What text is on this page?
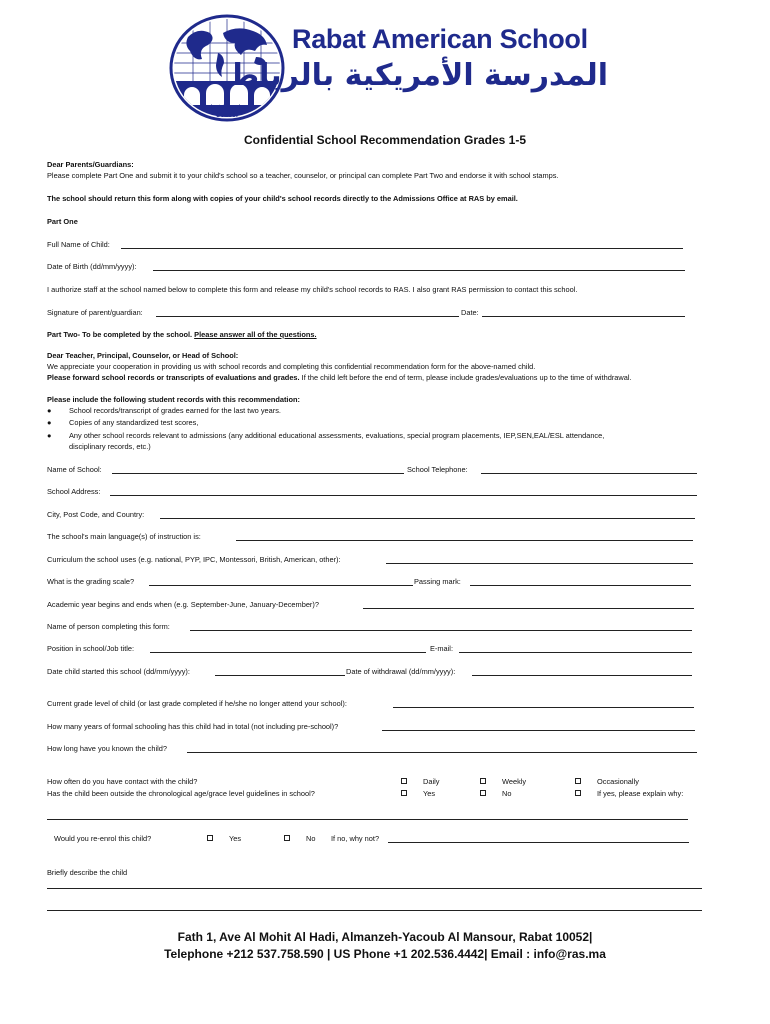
Rabat American
School
Rabat American School
المدرسة الأمريكية بالرباط
Confidential School Recommendation Grades 1-5
Dear Parents/Guardians:
Please complete Part One and submit it to your child's school so a teacher, counselor, or principal can complete Part Two and endorse it with school stamps.
The school should return this form along with copies of your child's school records directly to the Admissions Office at RAS by email.
Part One
Full Name of Child:
Date of Birth (dd/mm/yyyy):
I authorize staff at the school named below to complete this form and release my child's school records to RAS. I also grant RAS permission to contact this school.
Signature of parent/guardian:	Date:
Part Two- To be completed by the school. Please answer all of the questions.
Dear Teacher, Principal, Counselor, or Head of School:
We appreciate your cooperation in providing us with school records and completing this confidential recommendation form for the above-named child.
Please forward school records or transcripts of evaluations and grades. If the child left before the end of term, please include grades/evaluations up to the time of withdrawal.
Please include the following student records with this recommendation:
● School records/transcript of grades earned for the last two years.
● Copies of any standardized test scores,
● Any other school records relevant to admissions (any additional educational assessments, evaluations, special program placements, IEP,SEN,EAL/ESL attendance,
disciplinary records, etc.)
Name of School:	School Telephone:
School Address:
City, Post Code, and Country:
The school's main language(s) of instruction is:
Curriculum the school uses (e.g. national, PYP, IPC, Montessori, British, American, other):
What is the grading scale?	Passing mark:
Academic year begins and ends when (e.g. September-June, January-December)?
Name of person completing this form:
Position in school/Job title:	E-mail:
Date child started this school (dd/mm/yyyy):	Date of withdrawal (dd/mm/yyyy):
Current grade level of child (or last grade completed if he/she no longer attend your school):
How many years of formal schooling has this child had in total (not including pre-school)?
How long have you known the child?
How often do you have contact with the child?	Daily	Weekly	Occasionally
Has the child been outside the chronological age/grace level guidelines in school?	Yes	No	If yes, please explain why:
Would you re-enrol this child?	Yes	No If no, why not?
Briefly describe the child
Fath 1, Ave Al Mohit Al Hadi, Almanzeh-Yacoub Al Mansour, Rabat 10052|
Telephone +212 537.758.590 | US Phone +1 202.536.4442| Email : info@ras.ma
